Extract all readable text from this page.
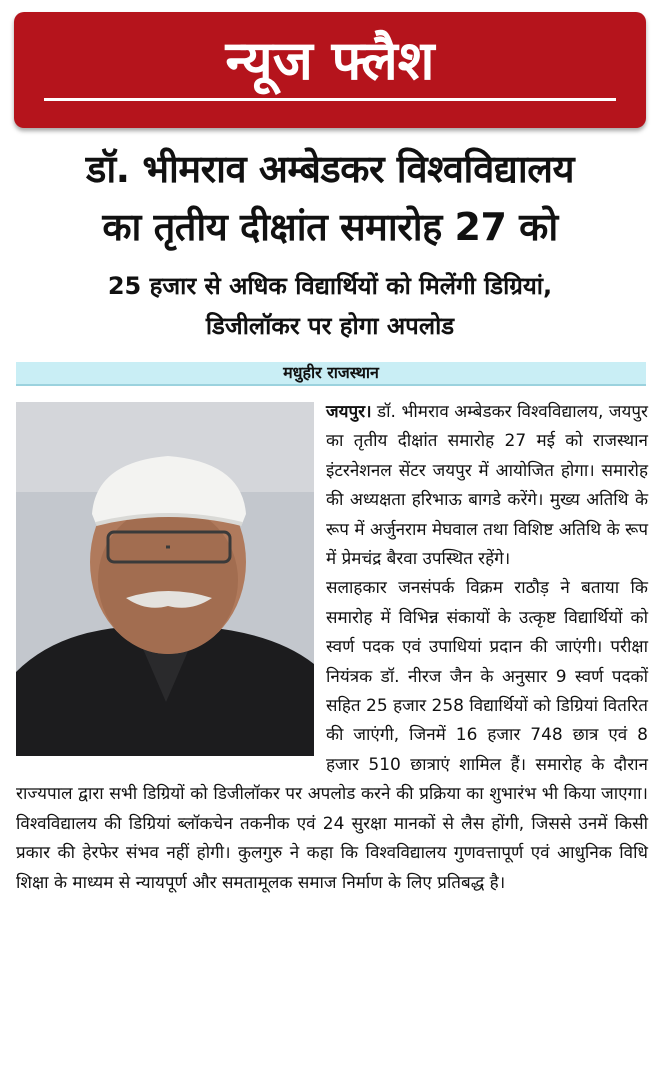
न्यूज फ्लैश
डॉ. भीमराव अम्बेडकर विश्वविद्यालय
का तृतीय दीक्षांत समारोह 27 को
25 हजार से अधिक विद्यार्थियों को मिलेंगी डिग्रियां,
डिजीलॉकर पर होगा अपलोड
मधुहीर राजस्थान

जयपुर। डॉ. भीमराव अम्बेडकर विश्वविद्यालय, जयपुर का तृतीय दीक्षांत समारोह 27 मई को राजस्थान इंटरनेशनल सेंटर जयपुर में आयोजित होगा। समारोह की अध्यक्षता हरिभाऊ बागडे करेंगे। मुख्य अतिथि के रूप में अर्जुनराम मेघवाल तथा विशिष्ट अतिथि के रूप में प्रेमचंद्र बैरवा उपस्थित रहेंगे।

सलाहकार जनसंपर्क विक्रम राठौड़ ने बताया कि समारोह में विभिन्न संकायों के उत्कृष्ट विद्यार्थियों को स्वर्ण पदक एवं उपाधियां प्रदान की जाएंगी। परीक्षा नियंत्रक डॉ. नीरज जैन के अनुसार 9 स्वर्ण पदकों सहित 25 हजार 258 विद्यार्थियों को डिग्रियां वितरित की जाएंगी, जिनमें 16 हजार 748 छात्र एवं 8 हजार 510 छात्राएं शामिल हैं। समारोह के दौरान राज्यपाल द्वारा सभी डिग्रियों को डिजीलॉकर पर अपलोड करने की प्रक्रिया का शुभारंभ भी किया जाएगा। विश्वविद्यालय की डिग्रियां ब्लॉकचेन तकनीक एवं 24 सुरक्षा मानकों से लैस होंगी, जिससे उनमें किसी प्रकार की हेरफेर संभव नहीं होगी। कुलगुरु ने कहा कि विश्वविद्यालय गुणवत्तापूर्ण एवं आधुनिक विधि शिक्षा के माध्यम से न्यायपूर्ण और समतामूलक समाज निर्माण के लिए प्रतिबद्ध है।
